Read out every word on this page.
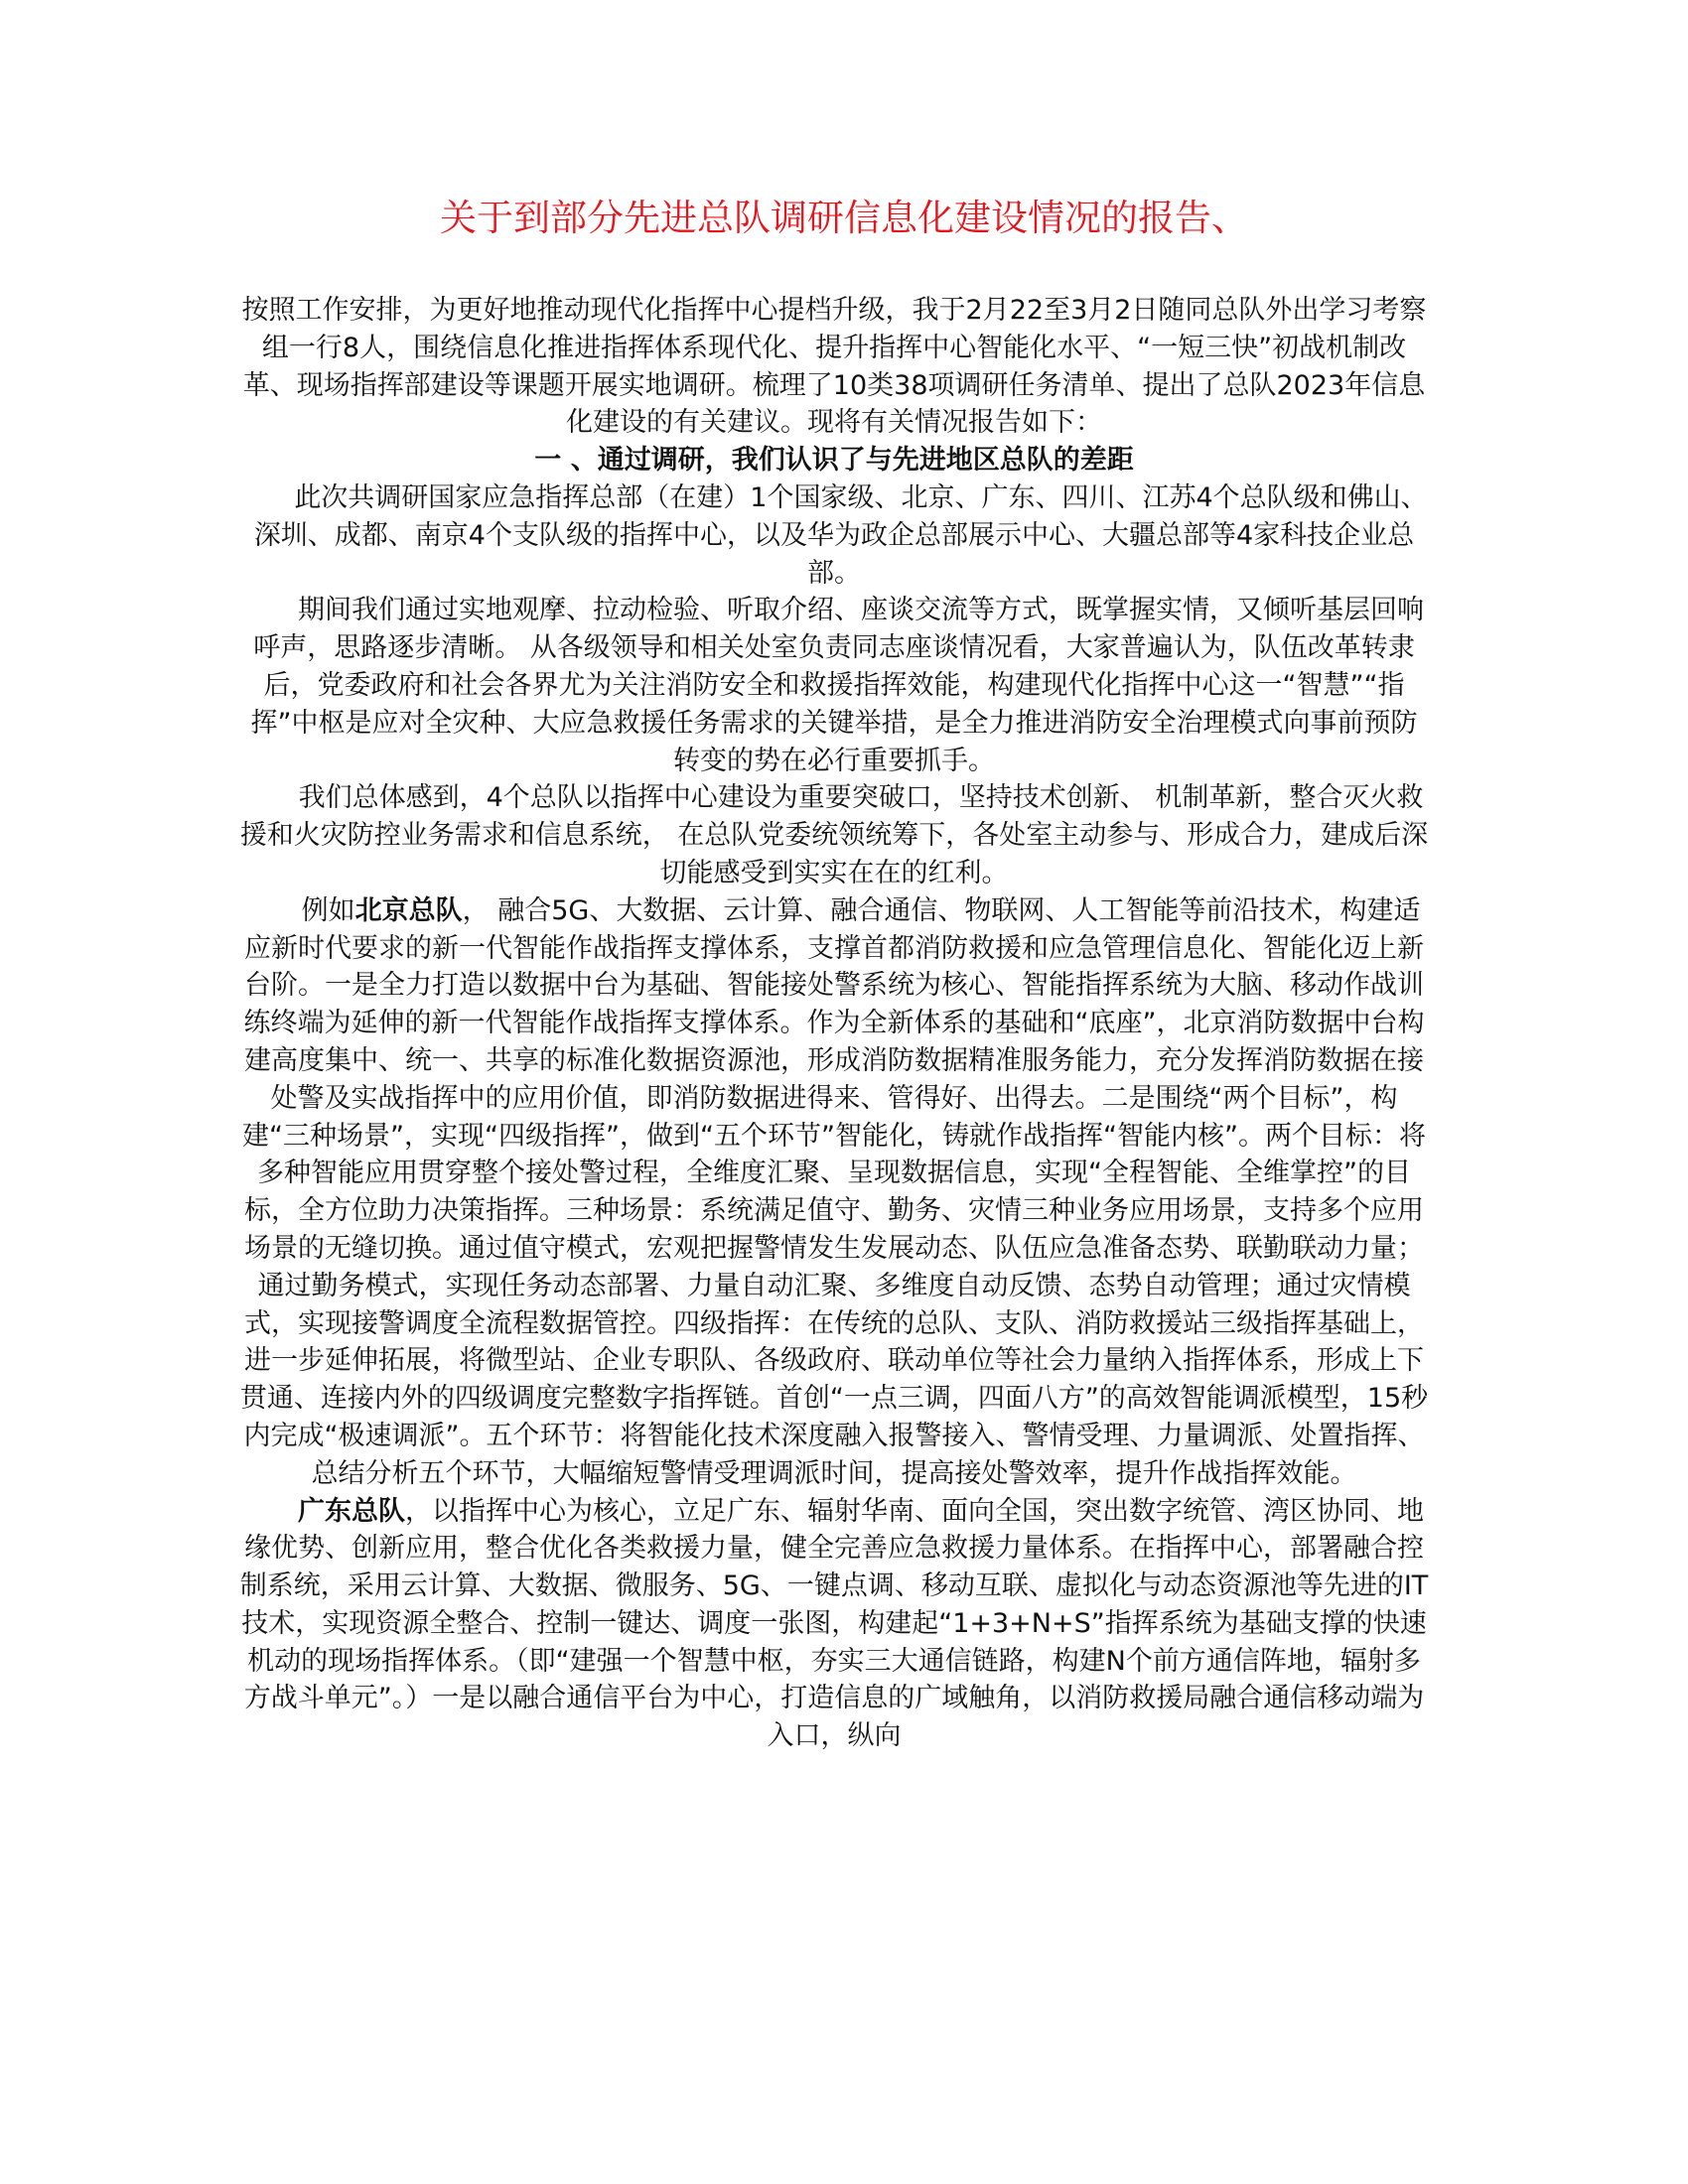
关于到部分先进总队调研信息化建设情况的报告、

按照工作安排，为更好地推动现代化指挥中心提档升级，我于2月22至3月2日随同总队外出学习考察组一行8人，围绕信息化推进指挥体系现代化、提升指挥中心智能化水平、“一短三快”初战机制改革、现场指挥部建设等课题开展实地调研。梳理了10类38项调研任务清单、提出了总队2023年信息化建设的有关建议。现将有关情况报告如下：

一 、通过调研，我们认识了与先进地区总队的差距

此次共调研国家应急指挥总部（在建）1个国家级、北京、广东、四川、江苏4个总队级和佛山、深圳、成都、南京4个支队级的指挥中心，以及华为政企总部展示中心、大疆总部等4家科技企业总部。

期间我们通过实地观摩、拉动检验、听取介绍、座谈交流等方式，既掌握实情，又倾听基层回响呼声，思路逐步清晰。 从各级领导和相关处室负责同志座谈情况看，大家普遍认为，队伍改革转隶后，党委政府和社会各界尤为关注消防安全和救援指挥效能，构建现代化指挥中心这一“智慧”“指挥”中枢是应对全灾种、大应急救援任务需求的关键举措，是全力推进消防安全治理模式向事前预防转变的势在必行重要抓手。

我们总体感到，4个总队以指挥中心建设为重要突破口，坚持技术创新、 机制革新，整合灭火救援和火灾防控业务需求和信息系统， 在总队党委统领统筹下，各处室主动参与、形成合力，建成后深切能感受到实实在在的红利。

例如北京总队， 融合5G、大数据、云计算、融合通信、物联网、人工智能等前沿技术，构建适应新时代要求的新一代智能作战指挥支撑体系，支撑首都消防救援和应急管理信息化、智能化迈上新台阶。一是全力打造以数据中台为基础、智能接处警系统为核心、智能指挥系统为大脑、移动作战训练终端为延伸的新一代智能作战指挥支撑体系。作为全新体系的基础和“底座”，北京消防数据中台构建高度集中、统一、共享的标准化数据资源池，形成消防数据精准服务能力，充分发挥消防数据在接处警及实战指挥中的应用价值，即消防数据进得来、管得好、出得去。二是围绕“两个目标”，构建“三种场景”，实现“四级指挥”，做到“五个环节”智能化，铸就作战指挥“智能内核”。两个目标：将多种智能应用贯穿整个接处警过程，全维度汇聚、呈现数据信息，实现“全程智能、全维掌控”的目标，全方位助力决策指挥。三种场景：系统满足值守、勤务、灾情三种业务应用场景，支持多个应用场景的无缝切换。通过值守模式，宏观把握警情发生发展动态、队伍应急准备态势、联勤联动力量；通过勤务模式，实现任务动态部署、力量自动汇聚、多维度自动反馈、态势自动管理；通过灾情模式，实现接警调度全流程数据管控。四级指挥：在传统的总队、支队、消防救援站三级指挥基础上，进一步延伸拓展，将微型站、企业专职队、各级政府、联动单位等社会力量纳入指挥体系，形成上下贯通、连接内外的四级调度完整数字指挥链。首创“一点三调，四面八方”的高效智能调派模型，15秒内完成“极速调派”。五个环节：将智能化技术深度融入报警接入、警情受理、力量调派、处置指挥、总结分析五个环节，大幅缩短警情受理调派时间，提高接处警效率，提升作战指挥效能。

广东总队，以指挥中心为核心，立足广东、辐射华南、面向全国，突出数字统管、湾区协同、地缘优势、创新应用，整合优化各类救援力量，健全完善应急救援力量体系。在指挥中心，部署融合控制系统，采用云计算、大数据、微服务、5G、一键点调、移动互联、虚拟化与动态资源池等先进的IT技术，实现资源全整合、控制一键达、调度一张图，构建起“1+3+N+S”指挥系统为基础支撑的快速机动的现场指挥体系。（即“建强一个智慧中枢，夯实三大通信链路，构建N个前方通信阵地，辐射多方战斗单元”。）一是以融合通信平台为中心，打造信息的广域触角，以消防救援局融合通信移动端为入口，纵向
